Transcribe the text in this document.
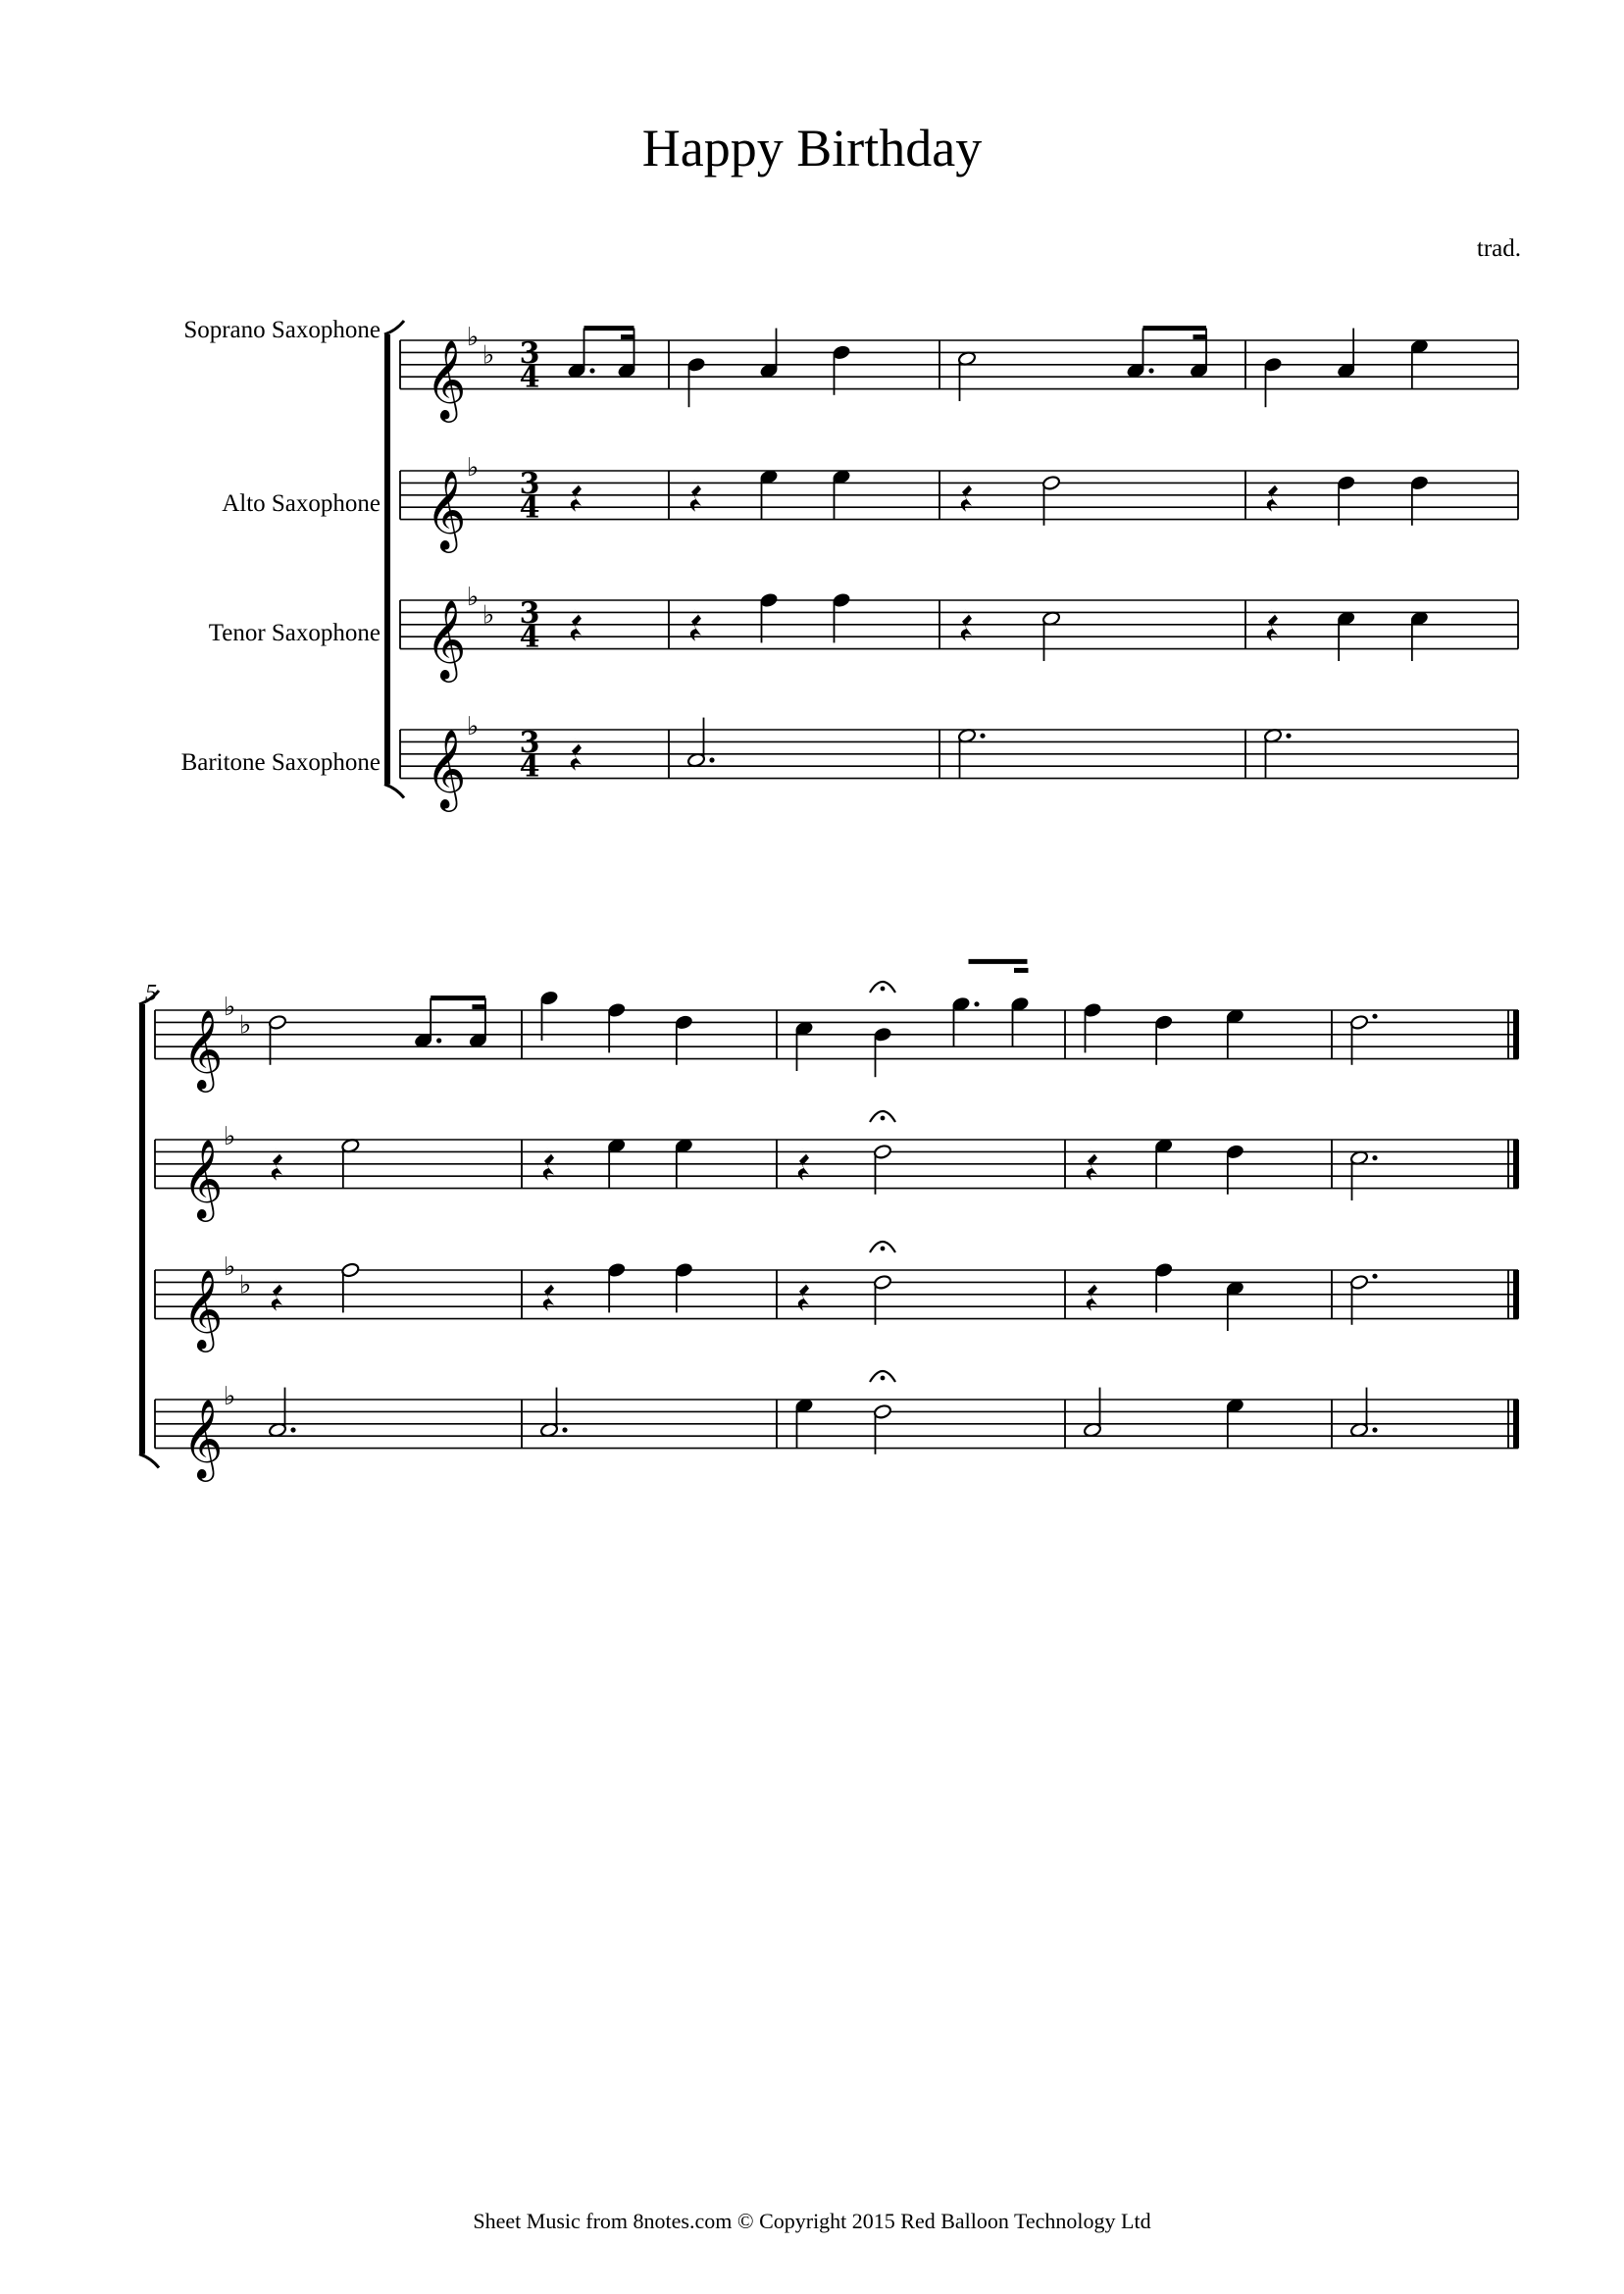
Happy Birthday
trad.
Soprano Saxophone
Alto Saxophone
Tenor Saxophone
Baritone Saxophone
5
𝄞
♭
♭ 3
4
𝄞
♭ 3
4
𝄞
♭
♭ 3
4
𝄞
♭ 3
4
𝄞
♭
♭
𝄞
♭
𝄞
♭
♭
𝄞
♭
Sheet Music from 8notes.com © Copyright 2015 Red Balloon Technology Ltd
